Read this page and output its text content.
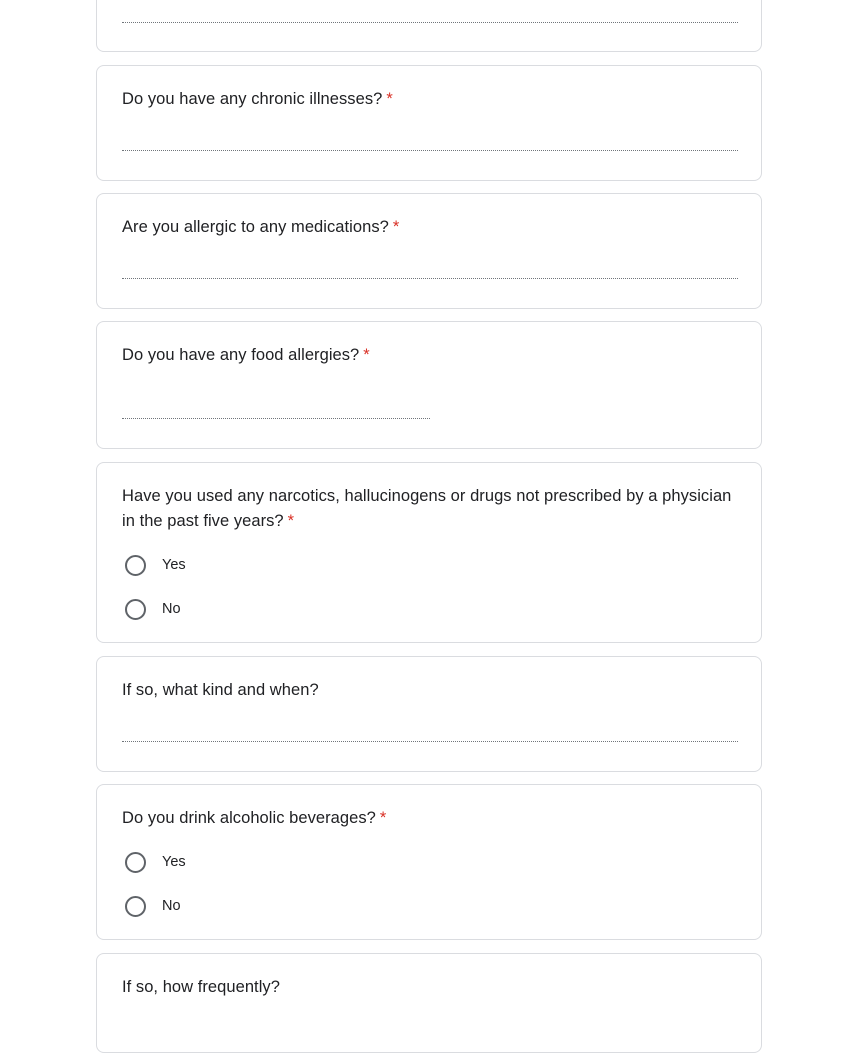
Do you have any chronic illnesses? *
Are you allergic to any medications? *
Do you have any food allergies? *
Have you used any narcotics, hallucinogens or drugs not prescribed by a physician in the past five years? *
Yes
No
If so, what kind and when?
Do you drink alcoholic beverages? *
Yes
No
If so, how frequently?
